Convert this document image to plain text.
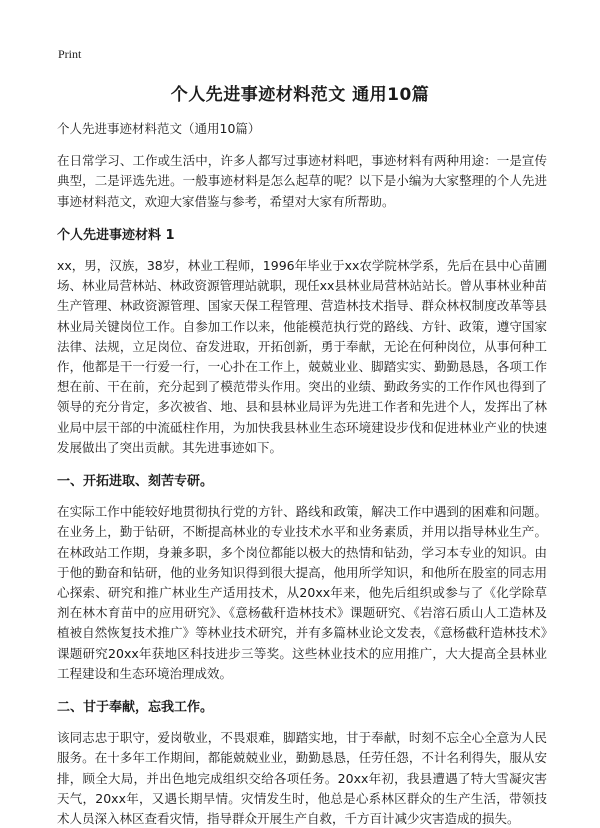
Print
个人先进事迹材料范文 通用10篇

个人先进事迹材料范文（通用10篇）

在日常学习、工作或生活中，许多人都写过事迹材料吧，事迹材料有两种用途：一是宣传典型，二是评选先进。一般事迹材料是怎么起草的呢？以下是小编为大家整理的个人先进事迹材料范文，欢迎大家借鉴与参考，希望对大家有所帮助。

个人先进事迹材料 1

xx，男，汉族，38岁，林业工程师，1996年毕业于xx农学院林学系，先后在县中心苗圃场、林业局营林站、林政资源管理站就职，现任xx县林业局营林站站长。曾从事林业种苗生产管理、林政资源管理、国家天保工程管理、营造林技术指导、群众林权制度改革等县林业局关键岗位工作。自参加工作以来，他能模范执行党的路线、方针、政策，遵守国家法律、法规，立足岗位、奋发进取，开拓创新，勇于奉献，无论在何种岗位，从事何种工作，他都是干一行爱一行，一心扑在工作上，兢兢业业、脚踏实实、勤勤恳恳，各项工作想在前、干在前，充分起到了模范带头作用。突出的业绩、勤政务实的工作作风也得到了领导的充分肯定，多次被省、地、县和县林业局评为先进工作者和先进个人，发挥出了林业局中层干部的中流砥柱作用，为加快我县林业生态环境建设步伐和促进林业产业的快速发展做出了突出贡献。其先进事迹如下。

一、开拓进取、刻苦专研。

在实际工作中能较好地贯彻执行党的方针、路线和政策，解决工作中遇到的困难和问题。在业务上，勤于钻研，不断提高林业的专业技术水平和业务素质，并用以指导林业生产。在林政站工作期，身兼多职，多个岗位都能以极大的热情和钻劲，学习本专业的知识。由于他的勤奋和钻研，他的业务知识得到很大提高，他用所学知识，和他所在股室的同志用心探索、研究和推广林业生产适用技术，从20xx年来，他先后组织或参与了《化学除草剂在林木育苗中的应用研究》、《意杨截秆造林技术》课题研究、《岩溶石质山人工造林及植被自然恢复技术推广》等林业技术研究，并有多篇林业论文发表，《意杨截秆造林技术》课题研究20xx年获地区科技进步三等奖。这些林业技术的应用推广，大大提高全县林业工程建设和生态环境治理成效。

二、甘于奉献，忘我工作。

该同志忠于职守，爱岗敬业，不畏艰难，脚踏实地，甘于奉献，时刻不忘全心全意为人民服务。在十多年工作期间，都能兢兢业业，勤勤恳恳，任劳任怨，不计名利得失，服从安排，顾全大局，并出色地完成组织交给各项任务。20xx年初，我县遭遇了特大雪凝灾害天气，20xx年，又遇长期旱情。灾情发生时，他总是心系林区群众的生产生活，带领技术人员深入林区查看灾情，指导群众开展生产自救，千方百计减少灾害造成的损失。
